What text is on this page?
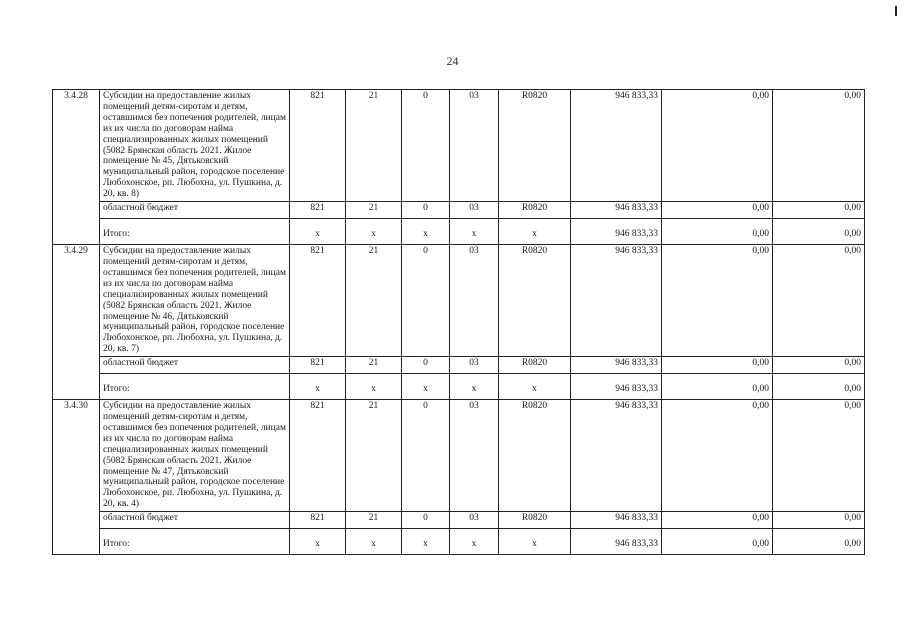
24
3.4.28	Субсидии на предоставление жилых помещений детям-сиротам и детям, оставшимся без попечения родителей, лицам из их числа по договорам найма специализированных жилых помещений (5082 Брянская область 2021. Жилое помещение № 45, Дятьковский муниципальный район, городское поселение Любохонское, рп. Любохна, ул. Пушкина, д. 20, кв. 8)	821	21	0	03	R0820	946 833,33	0,00	0,00
	областной бюджет	821	21	0	03	R0820	946 833,33	0,00	0,00
	Итого:	x	x	x	x	x	946 833,33	0,00	0,00
3.4.29	Субсидии на предоставление жилых помещений детям-сиротам и детям, оставшимся без попечения родителей, лицам из их числа по договорам найма специализированных жилых помещений (5082 Брянская область 2021. Жилое помещение № 46, Дятьковский муниципальный район, городское поселение Любохонское, рп. Любохна, ул. Пушкина, д. 20, кв. 7)	821	21	0	03	R0820	946 833,33	0,00	0,00
	областной бюджет	821	21	0	03	R0820	946 833,33	0,00	0,00
	Итого:	x	x	x	x	x	946 833,33	0,00	0,00
3.4.30	Субсидии на предоставление жилых помещений детям-сиротам и детям, оставшимся без попечения родителей, лицам из их числа по договорам найма специализированных жилых помещений (5082 Брянская область 2021. Жилое помещение № 47, Дятьковский муниципальный район, городское поселение Любохонское, рп. Любохна, ул. Пушкина, д. 20, кв. 4)	821	21	0	03	R0820	946 833,33	0,00	0,00
	областной бюджет	821	21	0	03	R0820	946 833,33	0,00	0,00
	Итого:	x	x	x	x	x	946 833,33	0,00	0,00
